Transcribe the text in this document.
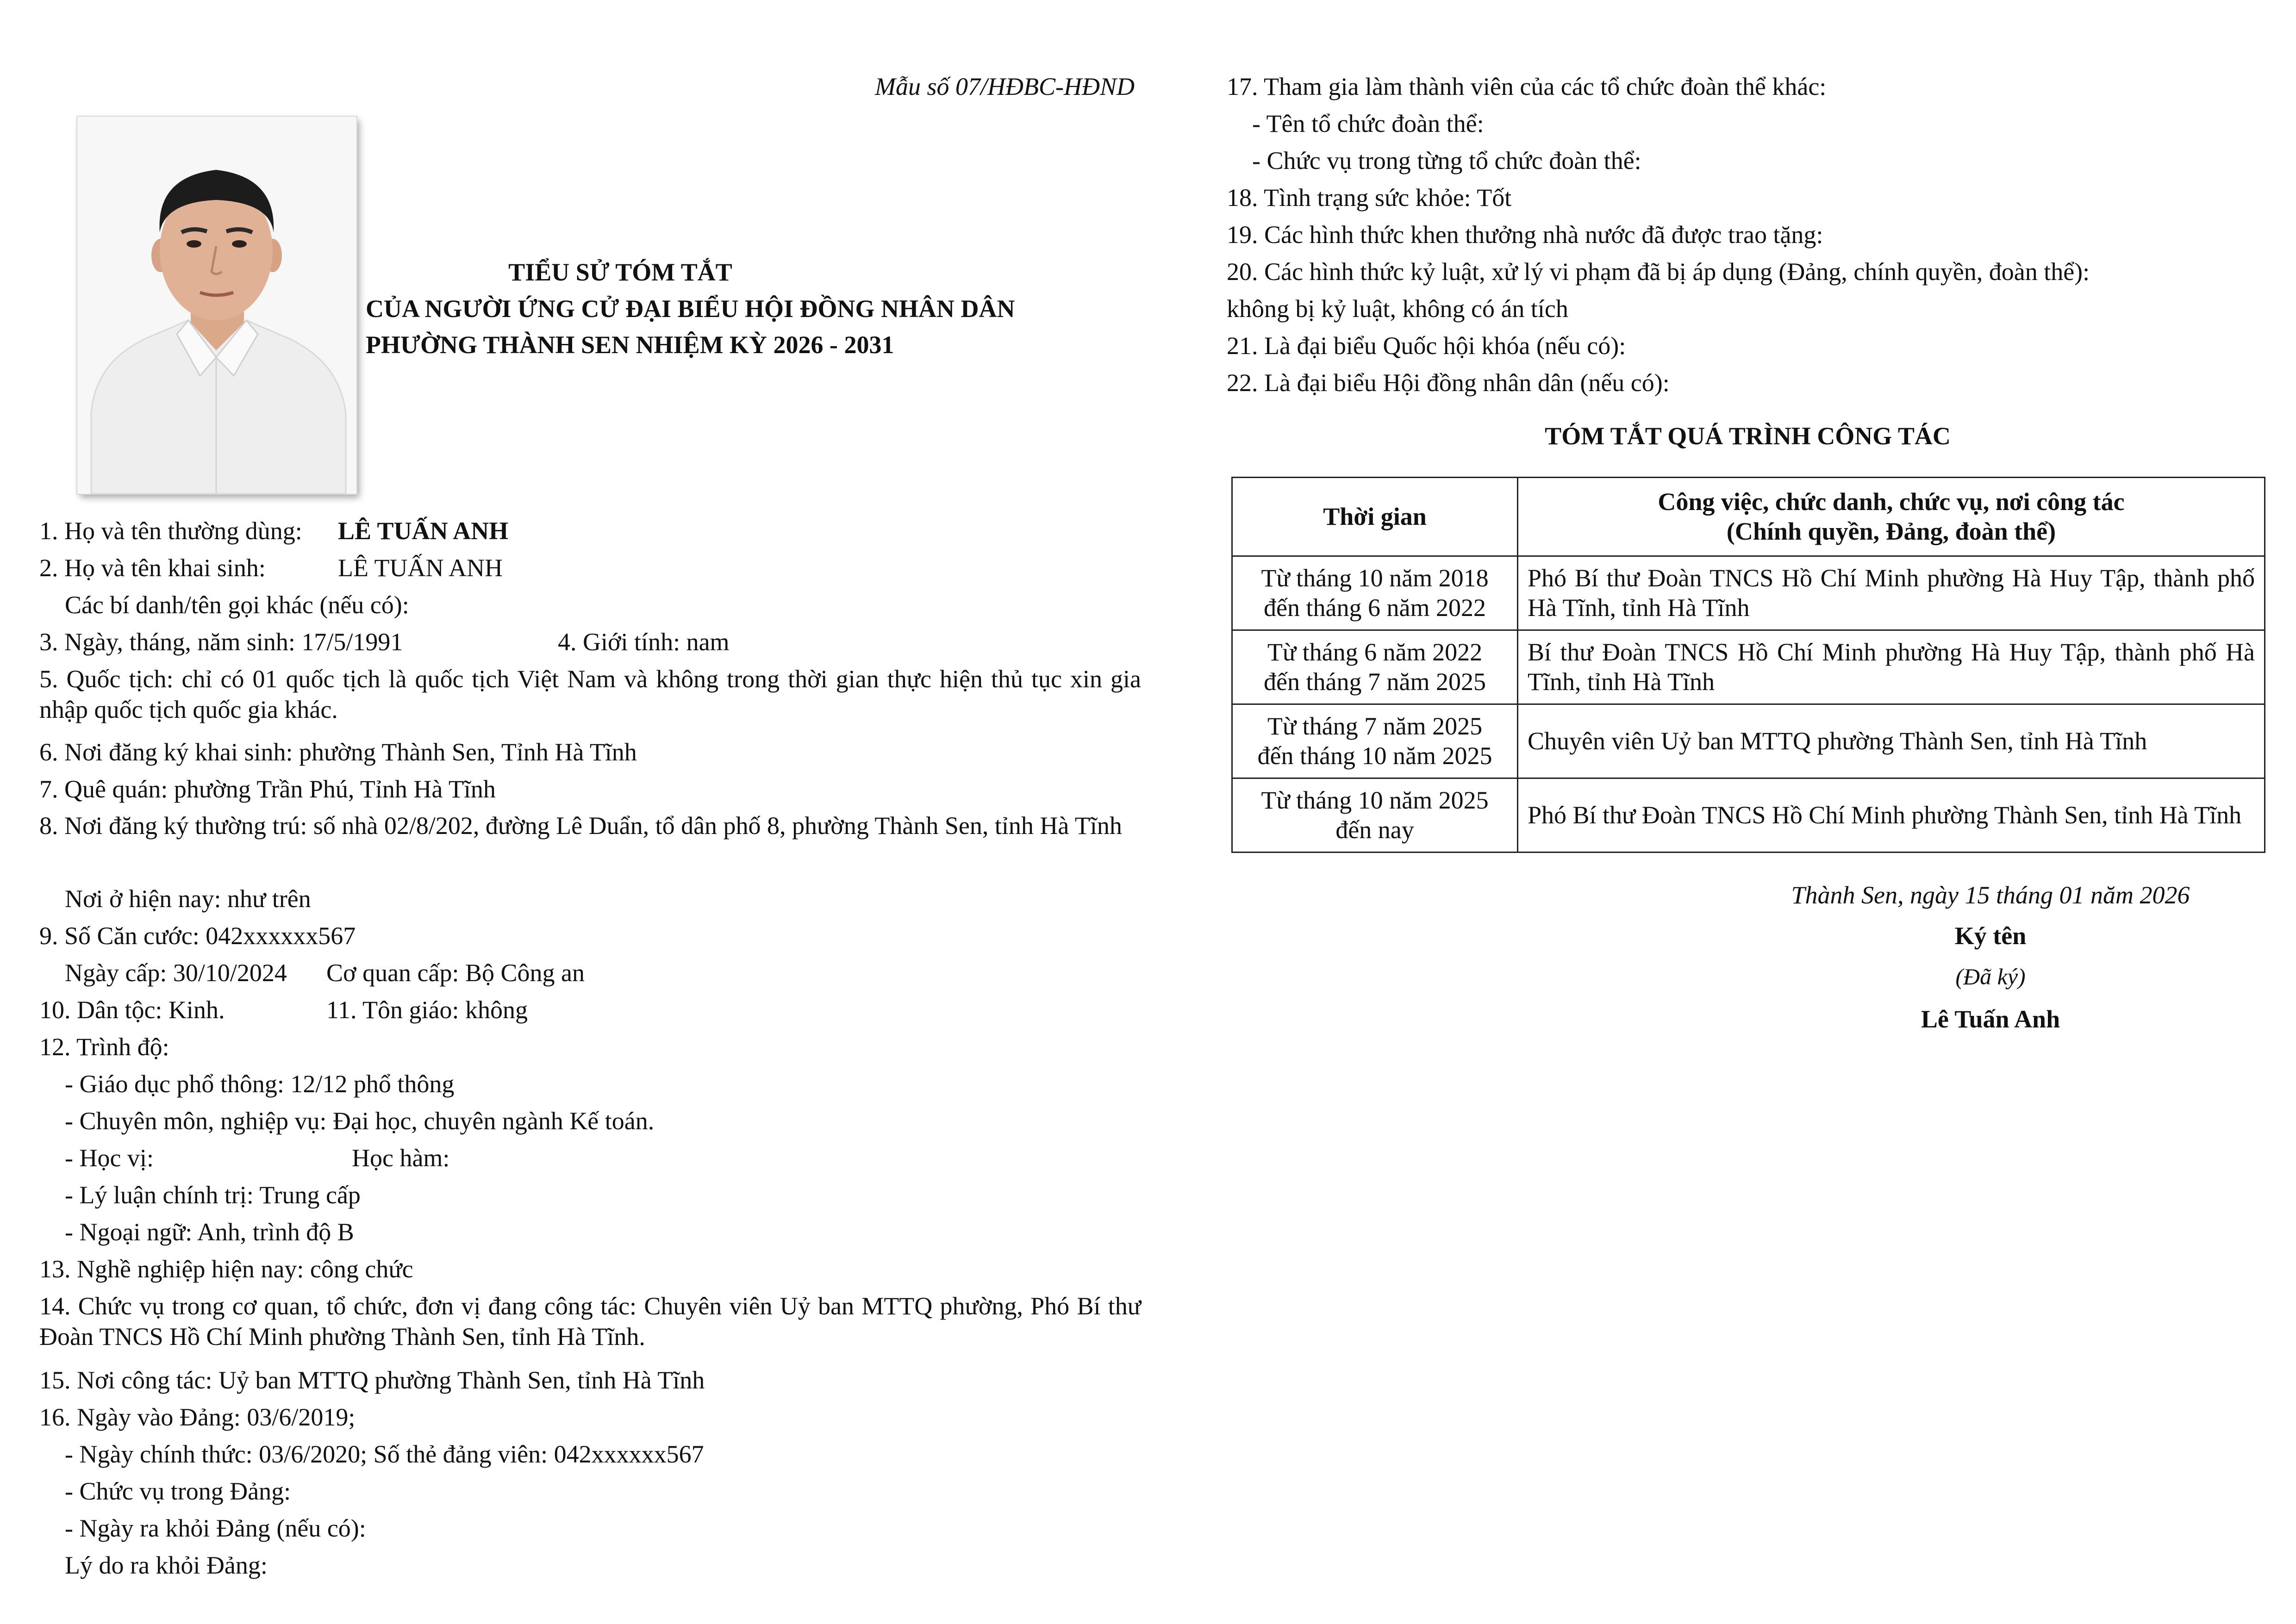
Mẫu số 07/HĐBC-HĐND
TIỂU SỬ TÓM TẮT
CỦA NGƯỜI ỨNG CỬ ĐẠI BIỂU HỘI ĐỒNG NHÂN DÂN
PHƯỜNG THÀNH SEN NHIỆM KỲ 2026 - 2031
1. Họ và tên thường dùng: LÊ TUẤN ANH
2. Họ và tên khai sinh:	LÊ TUẤN ANH
Các bí danh/tên gọi khác (nếu có):
3. Ngày, tháng, năm sinh: 17/5/1991	4. Giới tính: nam
5. Quốc tịch: chỉ có 01 quốc tịch là quốc tịch Việt Nam và không trong thời gian thực hiện thủ tục xin gia nhập quốc tịch quốc gia khác.
6. Nơi đăng ký khai sinh: phường Thành Sen, Tỉnh Hà Tĩnh
7. Quê quán: phường Trần Phú, Tỉnh Hà Tĩnh
8. Nơi đăng ký thường trú: số nhà 02/8/202, đường Lê Duẩn, tổ dân phố 8, phường Thành Sen, tỉnh Hà Tĩnh
Nơi ở hiện nay: như trên
9. Số Căn cước: 042xxxxxx567
Ngày cấp: 30/10/2024 Cơ quan cấp: Bộ Công an
10. Dân tộc: Kinh.	11. Tôn giáo: không
12. Trình độ:
- Giáo dục phổ thông: 12/12 phổ thông
- Chuyên môn, nghiệp vụ: Đại học, chuyên ngành Kế toán.
- Học vị:	Học hàm:
- Lý luận chính trị: Trung cấp
- Ngoại ngữ: Anh, trình độ B
13. Nghề nghiệp hiện nay: công chức
14. Chức vụ trong cơ quan, tổ chức, đơn vị đang công tác: Chuyên viên Uỷ ban MTTQ phường, Phó Bí thư Đoàn TNCS Hồ Chí Minh phường Thành Sen, tỉnh Hà Tĩnh.
15. Nơi công tác: Uỷ ban MTTQ phường Thành Sen, tỉnh Hà Tĩnh
16. Ngày vào Đảng: 03/6/2019;
- Ngày chính thức: 03/6/2020; Số thẻ đảng viên: 042xxxxxx567
- Chức vụ trong Đảng:
- Ngày ra khỏi Đảng (nếu có):
Lý do ra khỏi Đảng:
17. Tham gia làm thành viên của các tổ chức đoàn thể khác:
- Tên tổ chức đoàn thể:
- Chức vụ trong từng tổ chức đoàn thể:
18. Tình trạng sức khỏe: Tốt
19. Các hình thức khen thưởng nhà nước đã được trao tặng:
20. Các hình thức kỷ luật, xử lý vi phạm đã bị áp dụng (Đảng, chính quyền, đoàn thể):
không bị kỷ luật, không có án tích
21. Là đại biểu Quốc hội khóa (nếu có):
22. Là đại biểu Hội đồng nhân dân (nếu có):
TÓM TẮT QUÁ TRÌNH CÔNG TÁC
Thời gian	Công việc, chức danh, chức vụ, nơi công tác
(Chính quyền, Đảng, đoàn thể)
Từ tháng 10 năm 2018
đến tháng 6 năm 2022	Phó Bí thư Đoàn TNCS Hồ Chí Minh phường Hà Huy Tập, thành phố Hà Tĩnh, tỉnh Hà Tĩnh
Từ tháng 6 năm 2022
đến tháng 7 năm 2025	Bí thư Đoàn TNCS Hồ Chí Minh phường Hà Huy Tập, thành phố Hà Tĩnh, tỉnh Hà Tĩnh
Từ tháng 7 năm 2025
đến tháng 10 năm 2025	Chuyên viên Uỷ ban MTTQ phường Thành Sen, tỉnh Hà Tĩnh
Từ tháng 10 năm 2025
đến nay	Phó Bí thư Đoàn TNCS Hồ Chí Minh phường Thành Sen, tỉnh Hà Tĩnh
Thành Sen, ngày 15 tháng 01 năm 2026
Ký tên
(Đã ký)
Lê Tuấn Anh
